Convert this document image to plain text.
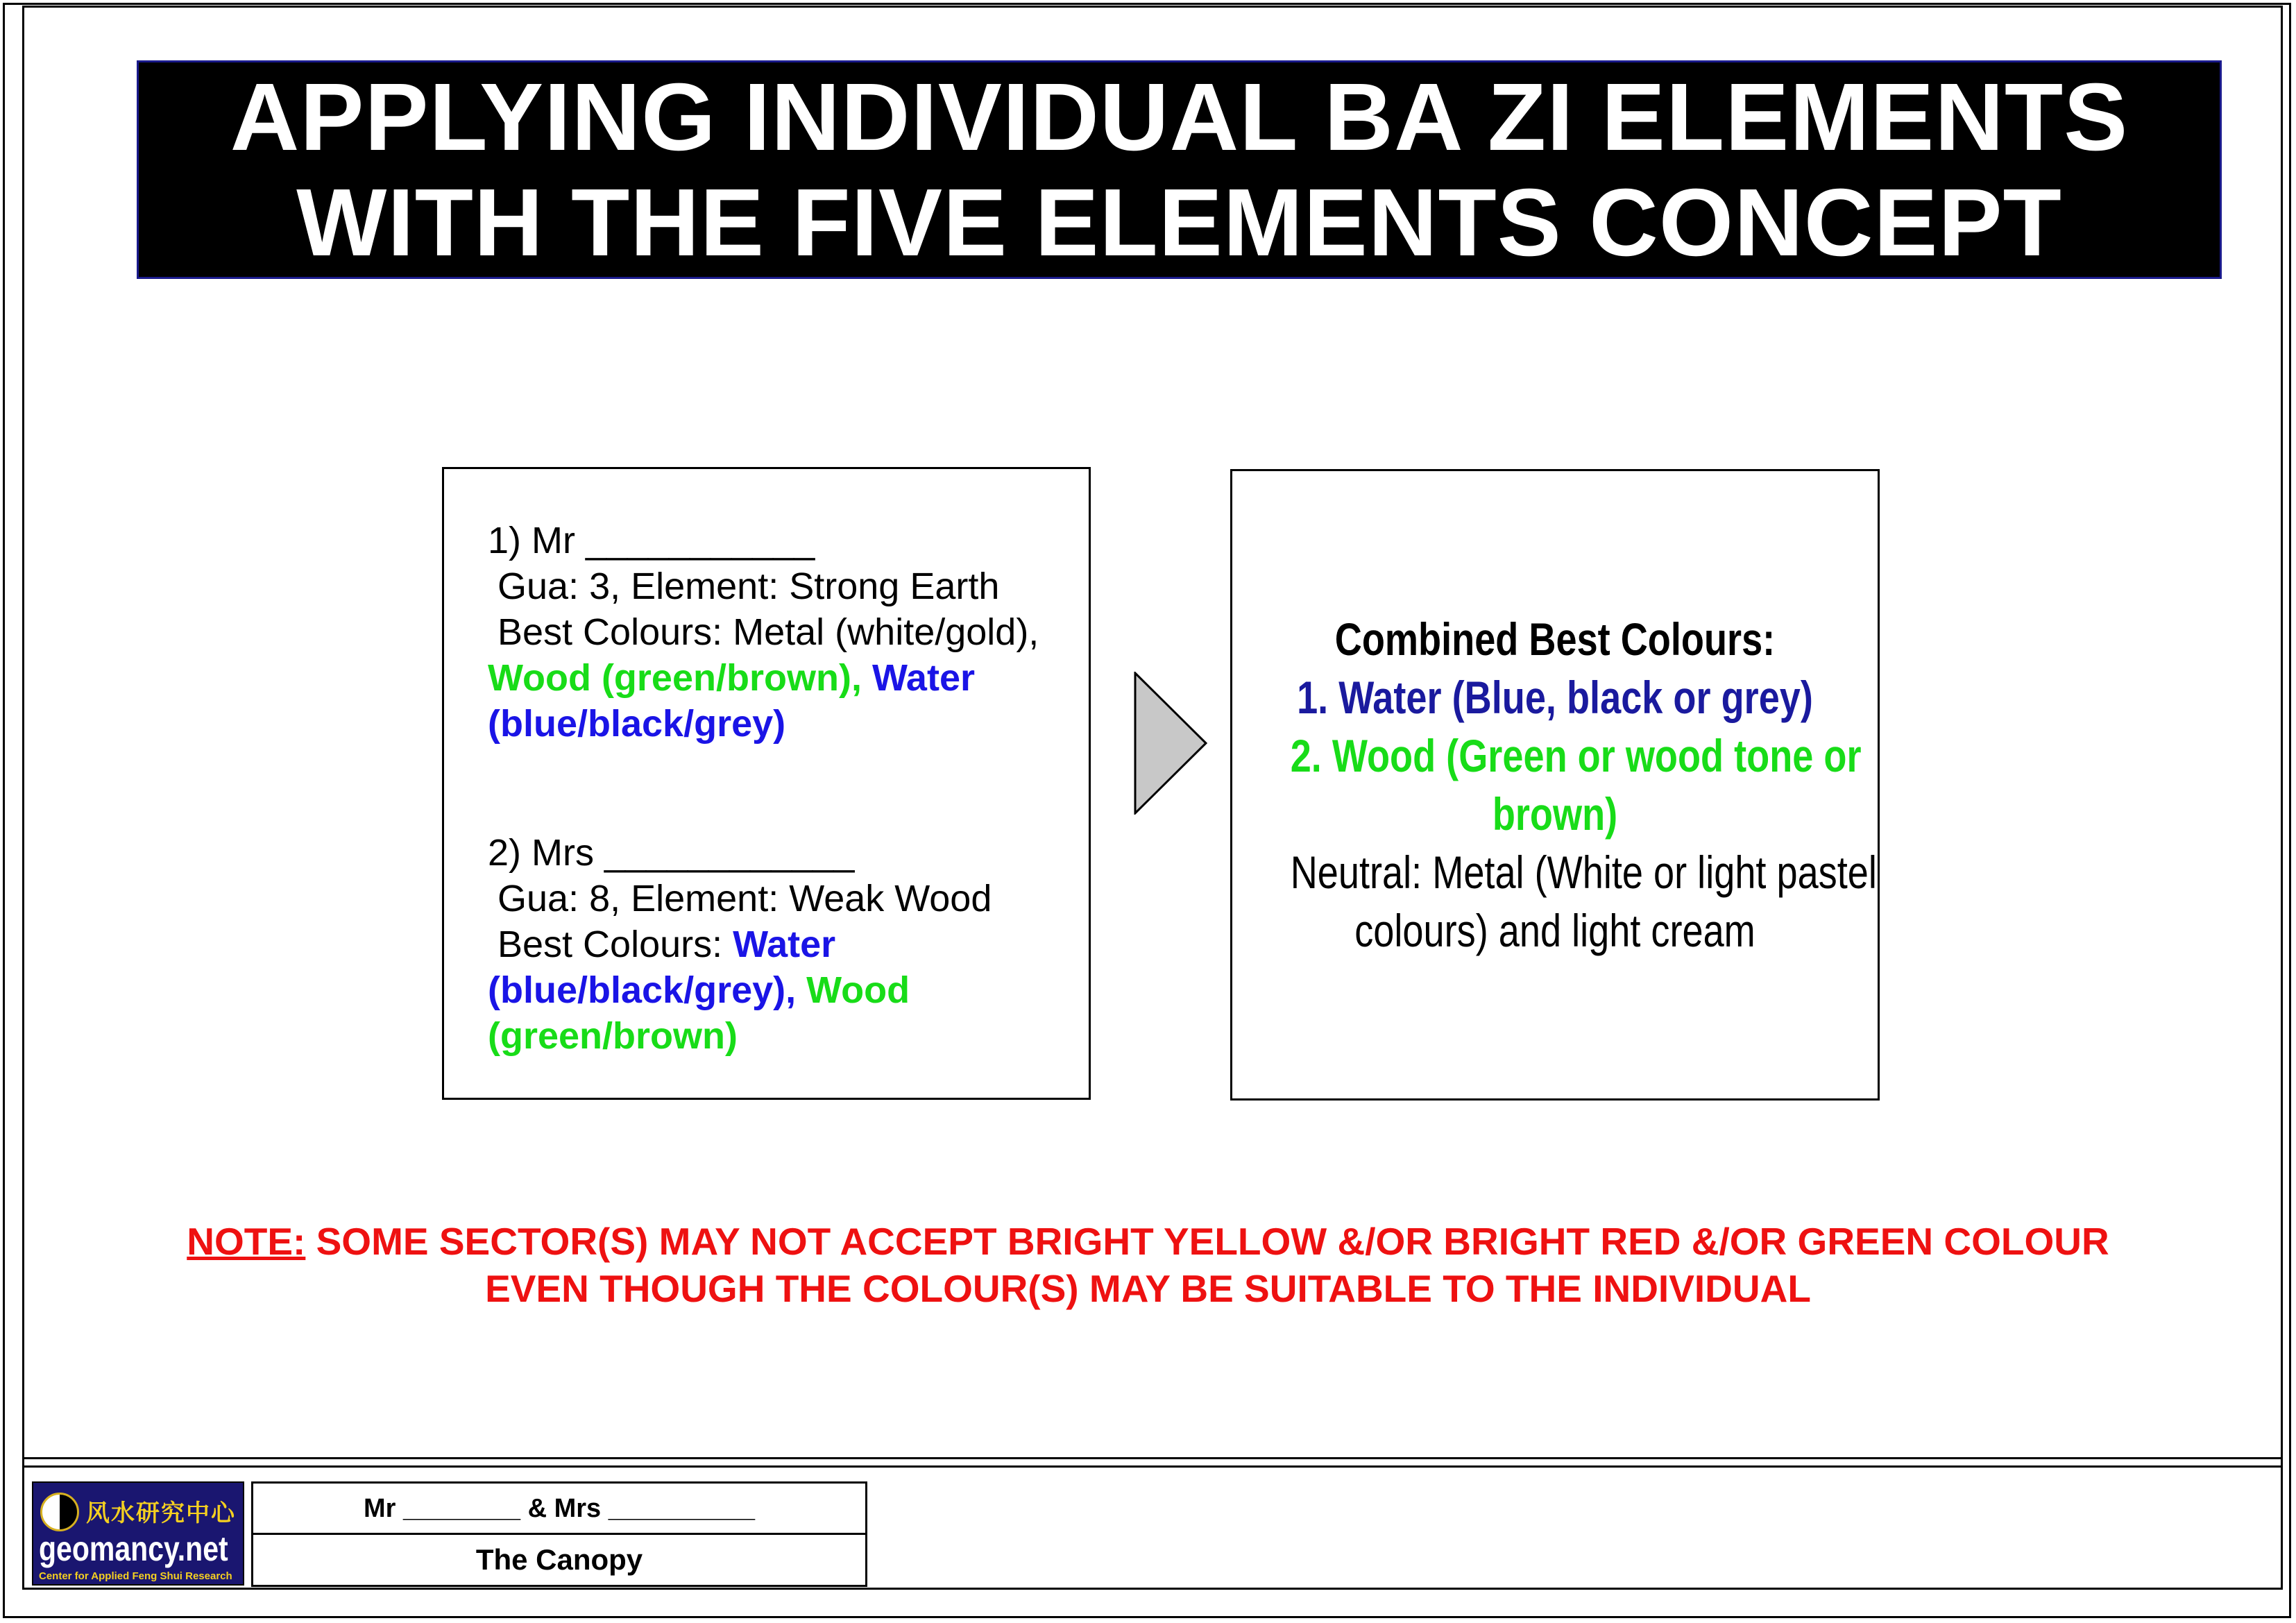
APPLYING INDIVIDUAL BA ZI ELEMENTS
WITH THE FIVE ELEMENTS CONCEPT
1) Mr ___________
Gua: 3, Element: Strong Earth
Best Colours: Metal (white/gold),
Wood (green/brown), Water
(blue/black/grey)
2) Mrs ____________
Gua: 8, Element: Weak Wood
Best Colours: Water
(blue/black/grey), Wood
(green/brown)
Combined Best Colours:
1. Water (Blue, black or grey)
2. Wood (Green or wood tone or
brown)
Neutral: Metal (White or light pastel
colours) and light cream
NOTE: SOME SECTOR(S) MAY NOT ACCEPT BRIGHT YELLOW &/OR BRIGHT RED &/OR GREEN COLOUR
EVEN THOUGH THE COLOUR(S) MAY BE SUITABLE TO THE INDIVIDUAL
风水研究中心
geomancy.net
Center for Applied Feng Shui Research
Mr ________ & Mrs __________
The Canopy
